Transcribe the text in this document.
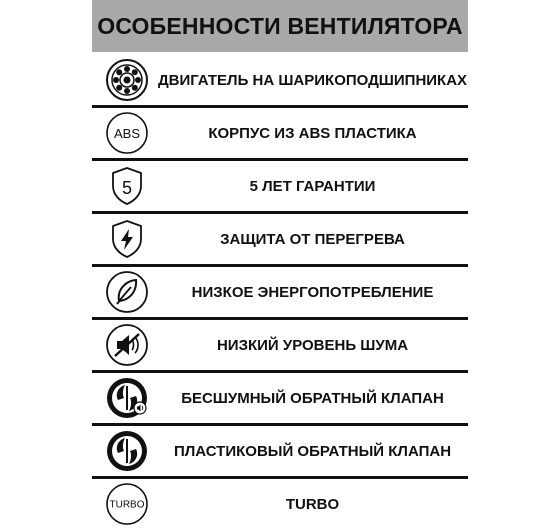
ОСОБЕННОСТИ ВЕНТИЛЯТОРА
ДВИГАТЕЛЬ НА ШАРИКОПОДШИПНИКАХ
ABS	КОРПУС ИЗ ABS ПЛАСТИКА
5	5 ЛЕТ ГАРАНТИИ
ЗАЩИТА ОТ ПЕРЕГРЕВА
НИЗКОЕ ЭНЕРГОПОТРЕБЛЕНИЕ
НИЗКИЙ УРОВЕНЬ ШУМА
БЕСШУМНЫЙ ОБРАТНЫЙ КЛАПАН
ПЛАСТИКОВЫЙ ОБРАТНЫЙ КЛАПАН
TURBO	TURBO
